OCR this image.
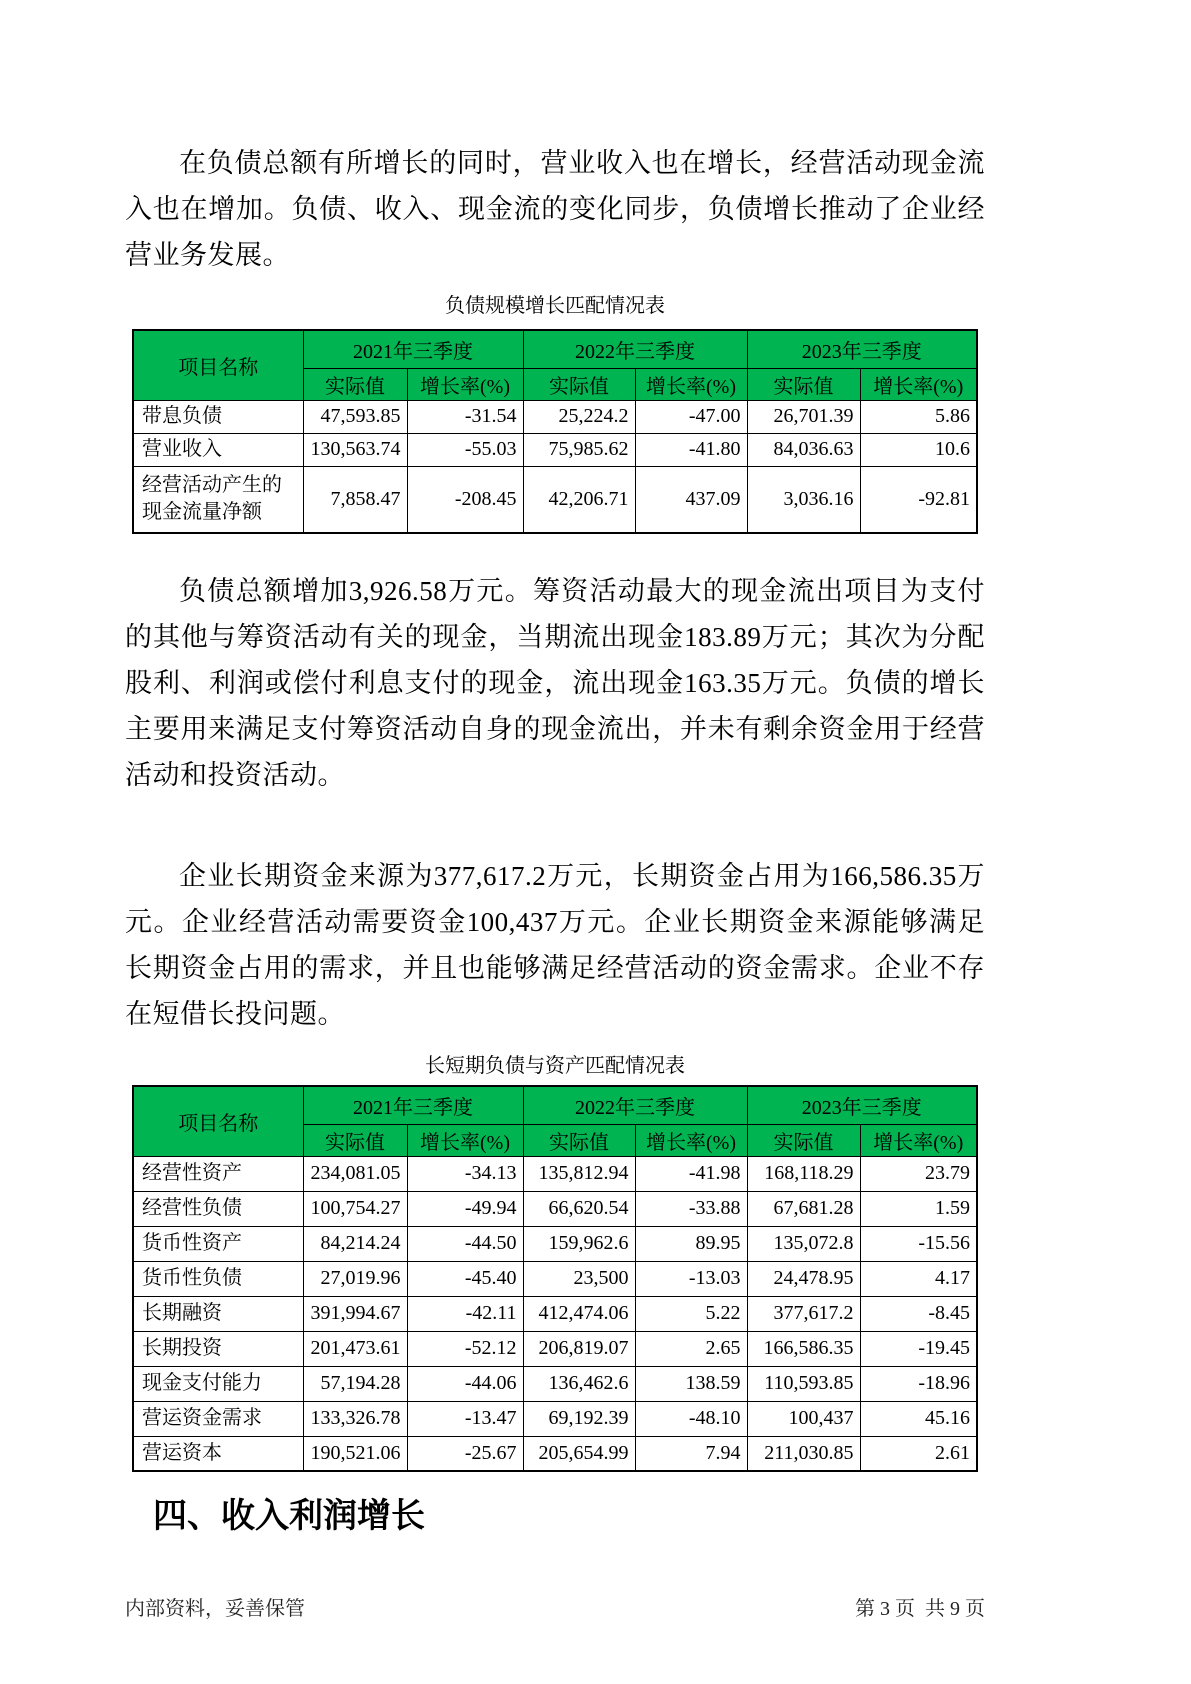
在负债总额有所增长的同时，营业收入也在增长，经营活动现金流入也在增加。负债、收入、现金流的变化同步，负债增长推动了企业经营业务发展。

负债规模增长匹配情况表
项目名称	2021年三季度		2022年三季度		2023年三季度	
	实际值	增长率(%)	实际值	增长率(%)	实际值	增长率(%)
带息负债	47,593.85	-31.54	25,224.2	-47.00	26,701.39	5.86
营业收入	130,563.74	-55.03	75,985.62	-41.80	84,036.63	10.6
经营活动产生的现金流量净额	7,858.47	-208.45	42,206.71	437.09	3,036.16	-92.81

负债总额增加3,926.58万元。筹资活动最大的现金流出项目为支付的其他与筹资活动有关的现金，当期流出现金183.89万元；其次为分配股利、利润或偿付利息支付的现金，流出现金163.35万元。负债的增长主要用来满足支付筹资活动自身的现金流出，并未有剩余资金用于经营活动和投资活动。

企业长期资金来源为377,617.2万元，长期资金占用为166,586.35万元。企业经营活动需要资金100,437万元。企业长期资金来源能够满足长期资金占用的需求，并且也能够满足经营活动的资金需求。企业不存在短借长投问题。

长短期负债与资产匹配情况表
项目名称	2021年三季度		2022年三季度		2023年三季度	
	实际值	增长率(%)	实际值	增长率(%)	实际值	增长率(%)
经营性资产	234,081.05	-34.13	135,812.94	-41.98	168,118.29	23.79
经营性负债	100,754.27	-49.94	66,620.54	-33.88	67,681.28	1.59
货币性资产	84,214.24	-44.50	159,962.6	89.95	135,072.8	-15.56
货币性负债	27,019.96	-45.40	23,500	-13.03	24,478.95	4.17
长期融资	391,994.67	-42.11	412,474.06	5.22	377,617.2	-8.45
长期投资	201,473.61	-52.12	206,819.07	2.65	166,586.35	-19.45
现金支付能力	57,194.28	-44.06	136,462.6	138.59	110,593.85	-18.96
营运资金需求	133,326.78	-13.47	69,192.39	-48.10	100,437	45.16
营运资本	190,521.06	-25.67	205,654.99	7.94	211,030.85	2.61
四、收入利润增长
内部资料，妥善保管	第 3 页  共 9 页
